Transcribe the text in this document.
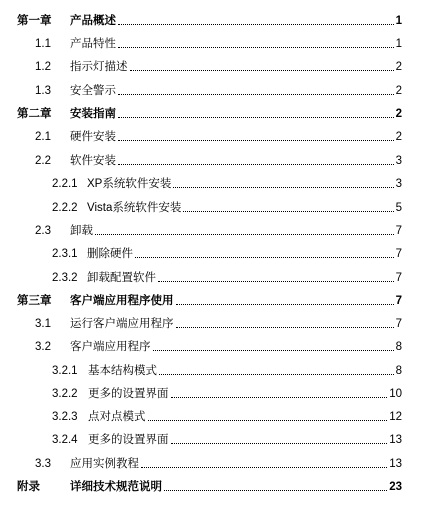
第一章 产品概述	1
1.1 产品特性	1
1.2 指示灯描述	2
1.3 安全警示	2
第二章 安装指南	2
2.1 硬件安装	2
2.2 软件安装	3
2.2.1 XP系统软件安装	3
2.2.2 Vista系统软件安装	5
2.3 卸载	7
2.3.1 删除硬件	7
2.3.2 卸载配置软件	7
第三章 客户端应用程序使用	7
3.1 运行客户端应用程序	7
3.2 客户端应用程序	8
3.2.1 基本结构模式	8
3.2.2 更多的设置界面	10
3.2.3 点对点模式	12
3.2.4 更多的设置界面	13
3.3 应用实例教程	13
附录	详细技术规范说明	23
